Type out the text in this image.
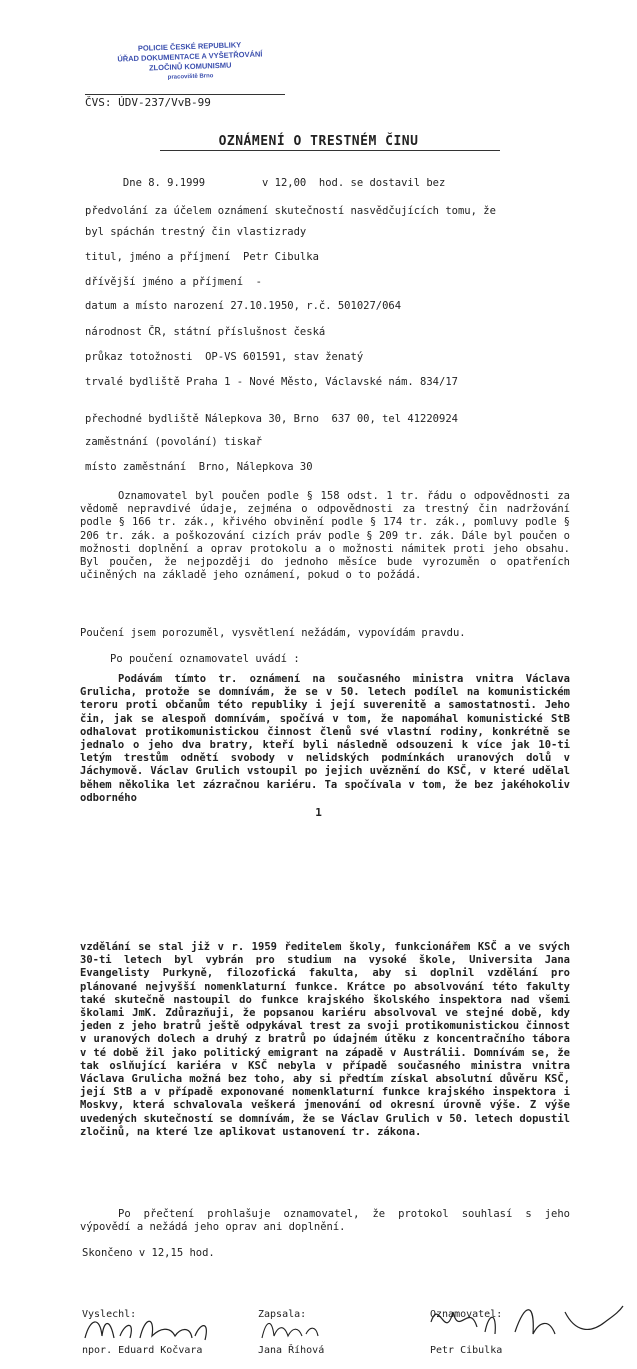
POLICIE ČESKÉ REPUBLIKY
ÚŘAD DOKUMENTACE A VYŠETŘOVÁNÍ
ZLOČINŮ KOMUNISMU
pracoviště Brno
ČVS: ÚDV-237/VvB-99
OZNÁMENÍ O TRESTNÉM ČINU
Dne 8. 9.1999         v 12,00  hod. se dostavil bez
předvolání za účelem oznámení skutečností nasvědčujících tomu, že
byl spáchán trestný čin vlastizrady
titul, jméno a příjmení  Petr Cibulka
dřívější jméno a příjmení  -
datum a místo narození 27.10.1950, r.č. 501027/064
národnost ČR, státní příslušnost česká
průkaz totožnosti  OP-VS 601591, stav ženatý
trvalé bydliště Praha 1 - Nové Město, Václavské nám. 834/17
přechodné bydliště Nálepkova 30, Brno  637 00, tel 41220924
zaměstnání (povolání) tiskař
místo zaměstnání  Brno, Nálepkova 30
Oznamovatel byl poučen podle § 158 odst. 1 tr. řádu o odpovědnosti za vědomě nepravdivé údaje, zejména o odpovědnosti za trestný čin nadržování podle § 166 tr. zák., křivého obvinění podle § 174 tr. zák., pomluvy podle § 206 tr. zák. a poškozování cizích práv podle § 209 tr. zák. Dále byl poučen o možnosti doplnění a oprav protokolu a o možnosti námitek proti jeho obsahu. Byl poučen, že nejpozději do jednoho měsíce bude vyrozuměn o opatřeních učiněných na základě jeho oznámení, pokud o to požádá.
Poučení jsem porozuměl, vysvětlení nežádám, vypovídám pravdu.
Po poučení oznamovatel uvádí :
Podávám tímto tr. oznámení na současného ministra vnitra Václava Grulicha, protože se domnívám, že se v 50. letech podílel na komunistickém teroru proti občanům této republiky i její suverenitě a samostatnosti. Jeho čin, jak se alespoň domnívám, spočívá v tom, že napomáhal komunistické StB odhalovat protikomunistickou činnost členů své vlastní rodiny, konkrétně se jednalo o jeho dva bratry, kteří byli následně odsouzeni k více jak 10-ti letým trestům odnětí svobody v nelidských podmínkách uranových dolů v Jáchymově. Václav Grulich vstoupil po jejich uvěznění do KSČ, v které udělal během několika let zázračnou kariéru. Ta spočívala v tom, že bez jakéhokoliv odborného
1
vzdělání se stal již v r. 1959 ředitelem školy, funkcionářem KSČ a ve svých 30-ti letech byl vybrán pro studium na vysoké škole, Universita Jana Evangelisty Purkyně, filozofická fakulta, aby si doplnil vzdělání pro plánované nejvyšší nomenklaturní funkce. Krátce po absolvování této fakulty také skutečně nastoupil do funkce krajského školského inspektora nad všemi školami JmK. Zdůrazňuji, že popsanou kariéru absolvoval ve stejné době, kdy jeden z jeho bratrů ještě odpykával trest za svoji protikomunistickou činnost v uranových dolech a druhý z bratrů po údajném útěku z koncentračního tábora v té době žil jako politický emigrant na západě v Austrálii. Domnívám se, že tak oslňující kariéra v KSČ nebyla v případě současného ministra vnitra Václava Grulicha možná bez toho, aby si předtím získal absolutní důvěru KSČ, její StB a v případě exponované nomenklaturní funkce krajského inspektora i Moskvy, která schvalovala veškerá jmenování od okresní úrovně výše. Z výše uvedených skutečností se domnívám, že se Václav Grulich v 50. letech dopustil zločinů, na které lze aplikovat ustanovení tr. zákona.
Po přečtení prohlašuje oznamovatel, že protokol souhlasí s jeho výpovědí a nežádá jeho oprav ani doplnění.
Skončeno v 12,15 hod.

Vyslechl:

npor. Eduard Kočvara

Zapsala:

Jana Říhová

Oznamovatel:

Petr Cibulka
